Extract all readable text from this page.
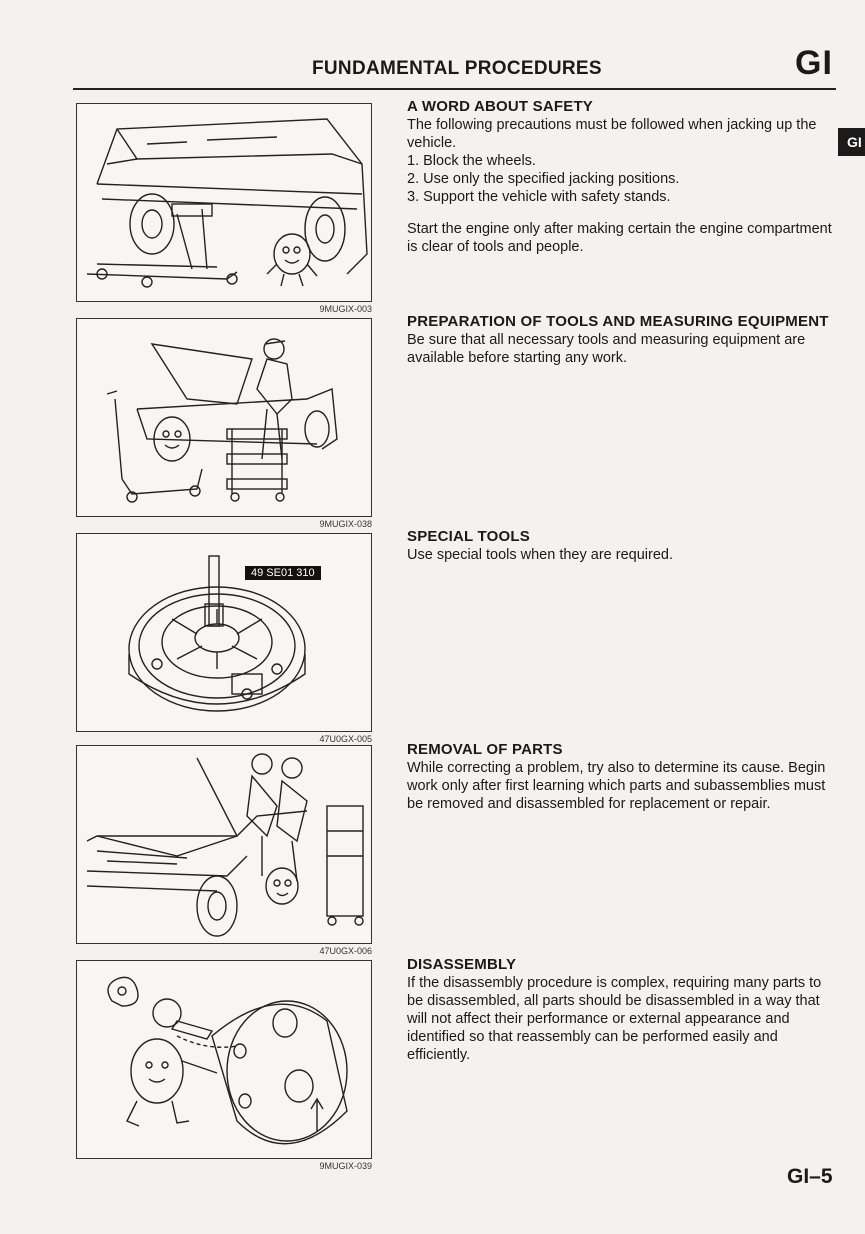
FUNDAMENTAL PROCEDURES	GI
GI
9MUGIX-003
9MUGIX-038
49 SE01 310
47U0GX-005
47U0GX-006
9MUGIX-039
A WORD ABOUT SAFETY

The following precautions must be followed when jacking up the vehicle.

1. Block the wheels.
2. Use only the specified jacking positions.
3. Support the vehicle with safety stands.

Start the engine only after making certain the engine compartment is clear of tools and people.

PREPARATION OF TOOLS AND MEASURING EQUIPMENT
Be sure that all necessary tools and measuring equipment are available before starting any work.
SPECIAL TOOLS
Use special tools when they are required.
REMOVAL OF PARTS
While correcting a problem, try also to determine its cause. Begin work only after first learning which parts and subassemblies must be removed and disassembled for replacement or repair.
DISASSEMBLY
If the disassembly procedure is complex, requiring many parts to be disassembled, all parts should be disassembled in a way that will not affect their performance or external appearance and identified so that reassembly can be performed easily and efficiently.
GI–5
